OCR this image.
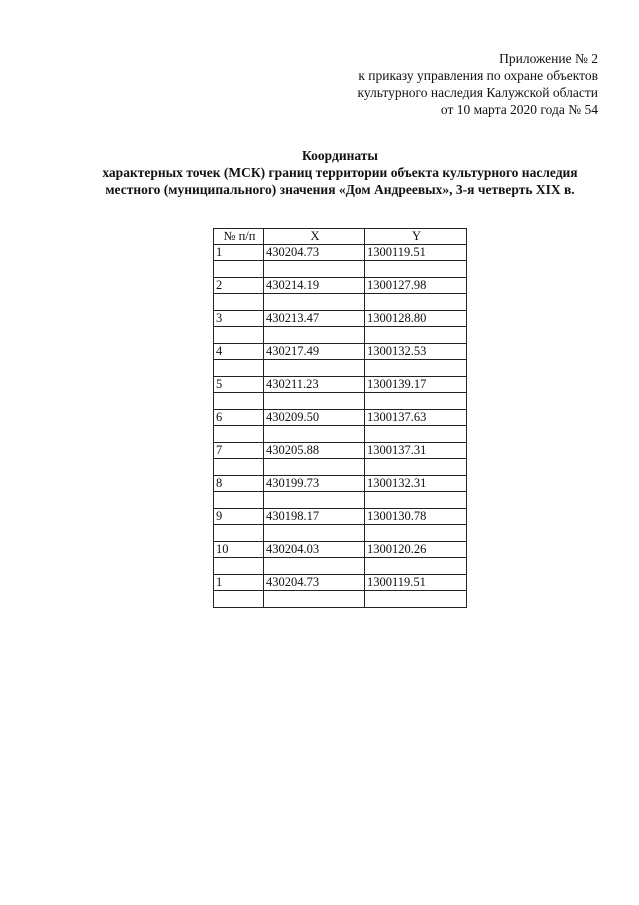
Приложение № 2
к приказу управления по охране объектов
культурного наследия Калужской области
от 10 марта 2020 года № 54
Координаты
характерных точек (МСК) границ территории объекта культурного наследия
местного (муниципального) значения «Дом Андреевых», 3-я четверть XIX в.
№ п/п	X	Y
1	430204.73	1300119.51

2	430214.19	1300127.98

3	430213.47	1300128.80

4	430217.49	1300132.53

5	430211.23	1300139.17

6	430209.50	1300137.63

7	430205.88	1300137.31

8	430199.73	1300132.31

9	430198.17	1300130.78

10	430204.03	1300120.26

1	430204.73	1300119.51
